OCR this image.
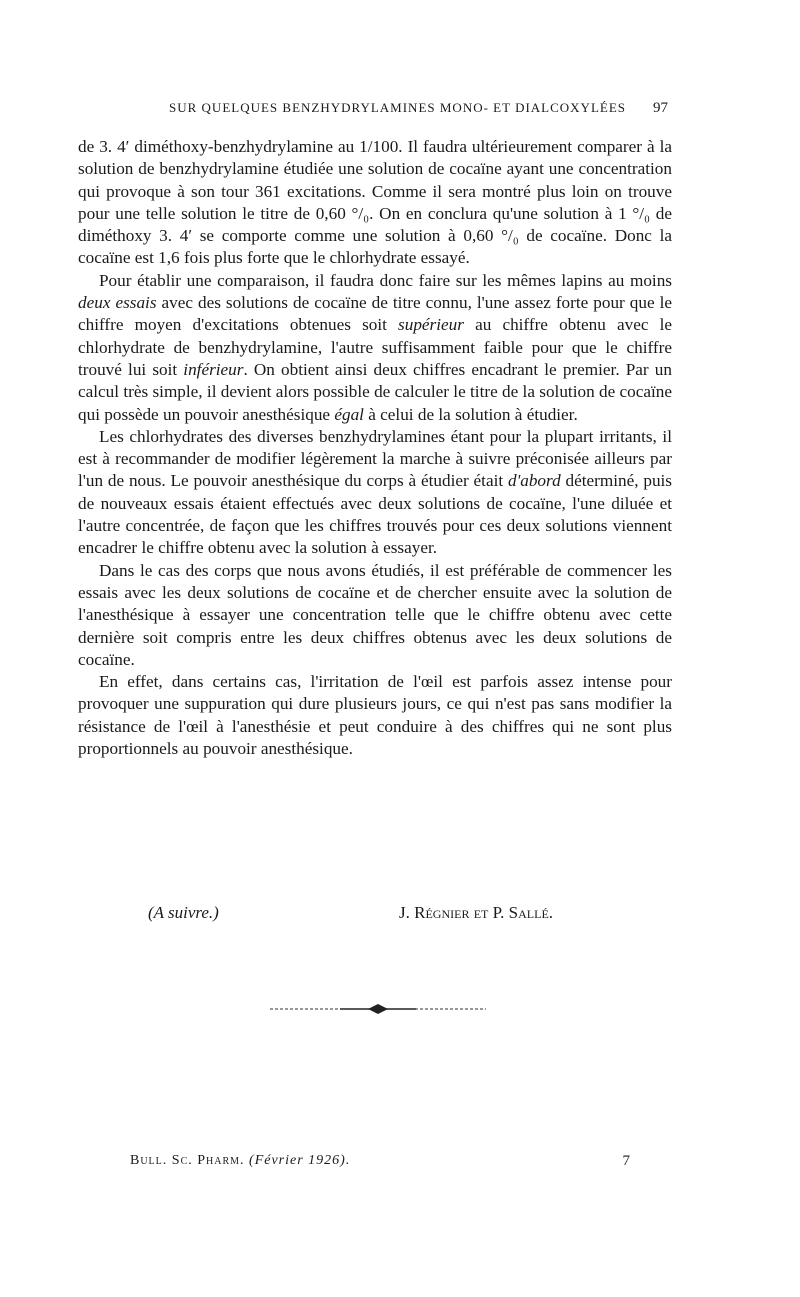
SUR QUELQUES BENZHYDRYLAMINES MONO- ET DIALCOXYLÉES 97

de 3. 4′ diméthoxy-benzhydrylamine au 1/100. Il faudra ultérieurement comparer à la solution de benzhydrylamine étudiée une solution de cocaïne ayant une concentration qui provoque à son tour 361 excitations. Comme il sera montré plus loin on trouve pour une telle solution le titre de 0,60 °/₀. On en conclura qu'une solution à 1 °/₀ de diméthoxy 3. 4′ se comporte comme une solution à 0,60 °/₀ de cocaïne. Donc la cocaïne est 1,6 fois plus forte que le chlorhydrate essayé.

Pour établir une comparaison, il faudra donc faire sur les mêmes lapins au moins deux essais avec des solutions de cocaïne de titre connu, l'une assez forte pour que le chiffre moyen d'excitations obtenues soit supérieur au chiffre obtenu avec le chlorhydrate de benzhydrylamine, l'autre suffisamment faible pour que le chiffre trouvé lui soit inférieur. On obtient ainsi deux chiffres encadrant le premier. Par un calcul très simple, il devient alors possible de calculer le titre de la solution de cocaïne qui possède un pouvoir anesthésique égal à celui de la solution à étudier.

Les chlorhydrates des diverses benzhydrylamines étant pour la plupart irritants, il est à recommander de modifier légèrement la marche à suivre préconisée ailleurs par l'un de nous. Le pouvoir anesthésique du corps à étudier était d'abord déterminé, puis de nouveaux essais étaient effectués avec deux solutions de cocaïne, l'une diluée et l'autre concentrée, de façon que les chiffres trouvés pour ces deux solutions viennent encadrer le chiffre obtenu avec la solution à essayer.

Dans le cas des corps que nous avons étudiés, il est préférable de commencer les essais avec les deux solutions de cocaïne et de chercher ensuite avec la solution de l'anesthésique à essayer une concentration telle que le chiffre obtenu avec cette dernière soit compris entre les deux chiffres obtenus avec les deux solutions de cocaïne.

En effet, dans certains cas, l'irritation de l'œil est parfois assez intense pour provoquer une suppuration qui dure plusieurs jours, ce qui n'est pas sans modifier la résistance de l'œil à l'anesthésie et peut conduire à des chiffres qui ne sont plus proportionnels au pouvoir anesthésique.

(A suivre.)	J. Régnier et P. Sallé.
Bull. Sc. Pharm. (Février 1926).	7
